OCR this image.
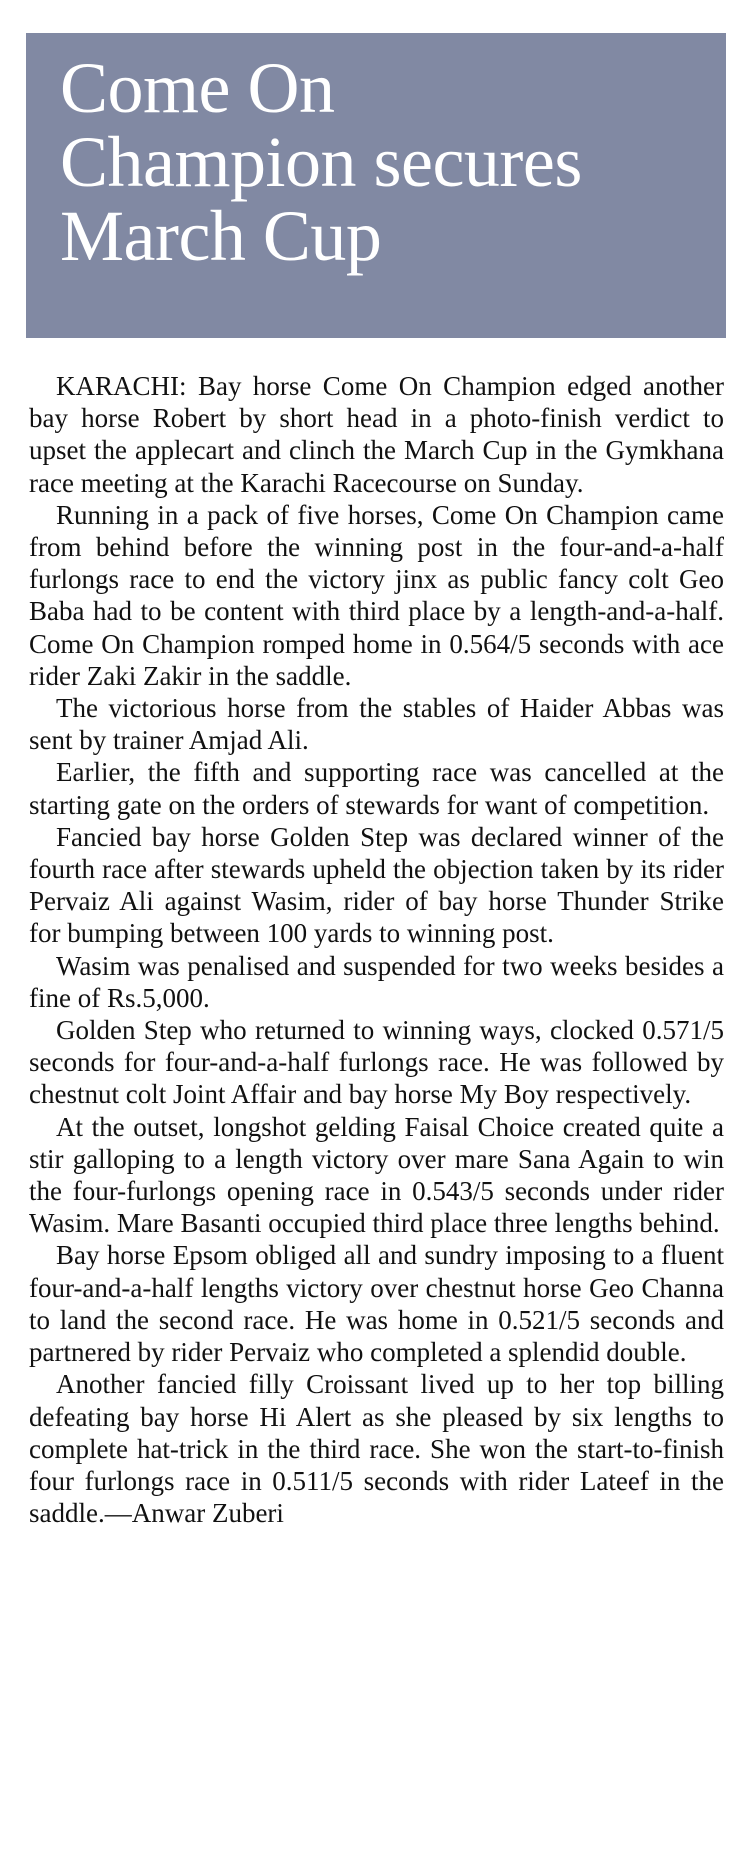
Come On
Champion secures
March Cup

KARACHI: Bay horse Come On Champion edged another bay horse Robert by short head in a photo-finish verdict to upset the applecart and clinch the March Cup in the Gymkhana race meeting at the Karachi Racecourse on Sunday.

Running in a pack of five horses, Come On Champion came from behind before the winning post in the four-and-a-half furlongs race to end the victory jinx as public fancy colt Geo Baba had to be content with third place by a length-and-a-half. Come On Champion romped home in 0.564/5 seconds with ace rider Zaki Zakir in the saddle.

The victorious horse from the stables of Haider Abbas was sent by trainer Amjad Ali.

Earlier, the fifth and supporting race was cancelled at the starting gate on the orders of stewards for want of competition.

Fancied bay horse Golden Step was declared winner of the fourth race after stewards upheld the objection taken by its rider Pervaiz Ali against Wasim, rider of bay horse Thunder Strike for bumping between 100 yards to winning post.

Wasim was penalised and suspended for two weeks besides a fine of Rs.5,000.

Golden Step who returned to winning ways, clocked 0.571/5 seconds for four-and-a-half furlongs race. He was followed by chestnut colt Joint Affair and bay horse My Boy respectively.

At the outset, longshot gelding Faisal Choice created quite a stir galloping to a length victory over mare Sana Again to win the four-furlongs opening race in 0.543/5 seconds under rider Wasim. Mare Basanti occupied third place three lengths behind.

Bay horse Epsom obliged all and sundry imposing to a fluent four-and-a-half lengths victory over chestnut horse Geo Channa to land the second race. He was home in 0.521/5 seconds and partnered by rider Pervaiz who completed a splendid double.

Another fancied filly Croissant lived up to her top billing defeating bay horse Hi Alert as she pleased by six lengths to complete hat-trick in the third race. She won the start-to-finish four furlongs race in 0.511/5 seconds with rider Lateef in the saddle.—Anwar Zuberi
